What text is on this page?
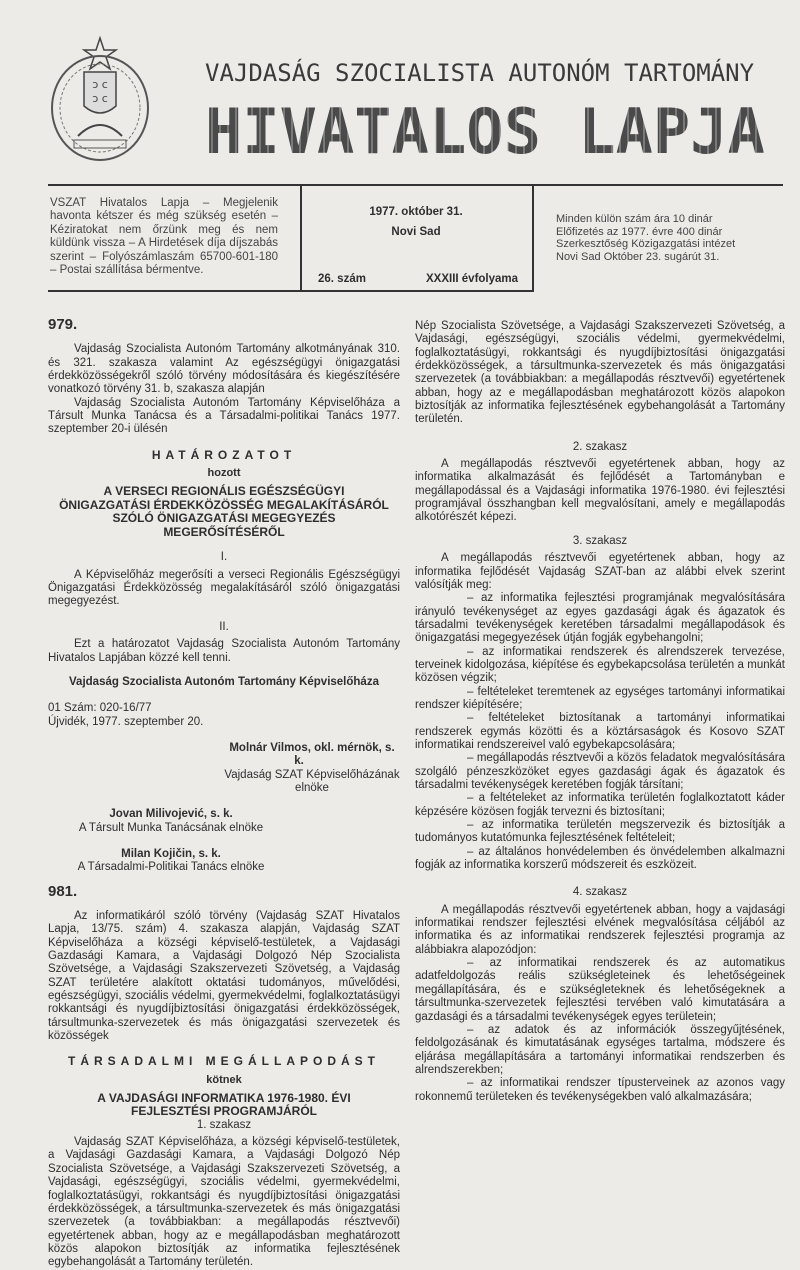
ɔ c
ɔ c
VAJDASÁG SZOCIALISTA AUTONÓM TARTOMÁNY
HIVATALOS LAPJA
VSZAT Hivatalos Lapja – Megjelenik havonta kétszer és még szükség esetén – Kéziratokat nem őrzünk meg és nem küldünk vissza – A Hirdetések díja díjszabás szerint – Folyószámlaszám 65700-601-180 – Postai szállítása bérmentve.
1977. október 31.
Novi Sad
26. szám	XXXIII évfolyama
Minden külön szám ára 10 dinár
Előfizetés az 1977. évre 400 dinár
Szerkesztőség Közigazgatási intézet
Novi Sad Október 23. sugárút 31.
979.

Vajdaság Szocialista Autonóm Tartomány alkotmányának 310. és 321. szakasza valamint Az egészségügyi önigazgatási érdekközösségekről szóló törvény módosítására és kiegészítésére vonatkozó törvény 31. b, szakasza alapján

Vajdaság Szocialista Autonóm Tartomány Képviselőháza a Társult Munka Tanácsa és a Társadalmi-politikai Tanács 1977. szeptember 20-i ülésén

HATÁROZATOT

hozott

A VERSECI REGIONÁLIS EGÉSZSÉGÜGYI ÖNIGAZGATÁSI ÉRDEKKÖZÖSSÉG MEGALAKÍTÁSÁRÓL SZÓLÓ ÖNIGAZGATÁSI MEGEGYEZÉS MEGERŐSÍTÉSÉRŐL

I.

A Képviselőház megerősíti a verseci Regionális Egészségügyi Önigazgatási Érdekközösség megalakításáról szóló önigazgatási megegyezést.

II.

Ezt a határozatot Vajdaság Szocialista Autonóm Tartomány Hivatalos Lapjában közzé kell tenni.

Vajdaság Szocialista Autonóm Tartomány Képviselőháza

01 Szám: 020-16/77

Újvidék, 1977. szeptember 20.

Molnár Vilmos, okl. mérnök, s. k.

Vajdaság SZAT Képviselőházának

elnöke

Jovan Milivojević, s. k.

A Társult Munka Tanácsának elnöke

Milan Kojičin, s. k.

A Társadalmi-Politikai Tanács elnöke

981.

Az informatikáról szóló törvény (Vajdaság SZAT Hivatalos Lapja, 13/75. szám) 4. szakasza alapján, Vajdaság SZAT Képviselőháza a községi képviselő-testületek, a Vajdasági Gazdasági Kamara, a Vajdasági Dolgozó Nép Szocialista Szövetsége, a Vajdasági Szakszervezeti Szövetség, a Vajdaság SZAT területére alakított oktatási tudományos, művelődési, egészségügyi, szociális védelmi, gyermekvédelmi, foglalkoztatásügyi rokkantsági és nyugdíjbiztosítási önigazgatási érdekközösségek, társultmunka-szervezetek és más önigazgatási szervezetek és közösségek

TÁRSADALMI MEGÁLLAPODÁST

kötnek

A VAJDASÁGI INFORMATIKA 1976-1980. ÉVI FEJLESZTÉSI PROGRAMJÁRÓL

1. szakasz

Vajdaság SZAT Képviselőháza, a községi képviselő-testületek, a Vajdasági Gazdasági Kamara, a Vajdasági Dolgozó Nép Szocialista Szövetsége, a Vajdasági Szakszervezeti Szövetség, a Vajdasági, egészségügyi, szociális védelmi, gyermekvédelmi, foglalkoztatásügyi, rokkantsági és nyugdíjbiztosítási önigazgatási érdekközösségek, a társultmunka-szervezetek és más önigazgatási szervezetek (a továbbiakban: a megállapodás résztvevői) egyetértenek abban, hogy az e megállapodásban meghatározott közös alapokon biztosítják az informatika fejlesztésének egybehangolását a Tartomány területén.

Nép Szocialista Szövetsége, a Vajdasági Szakszervezeti Szövetség, a Vajdasági, egészségügyi, szociális védelmi, gyermekvédelmi, foglalkoztatásügyi, rokkantsági és nyugdíjbiztosítási önigazgatási érdekközösségek, a társultmunka-szervezetek és más önigazgatási szervezetek (a továbbiakban: a megállapodás résztvevői) egyetértenek abban, hogy az e megállapodásban meghatározott közös alapokon biztosítják az informatika fejlesztésének egybehangolását a Tartomány területén.

2. szakasz

A megállapodás résztvevői egyetértenek abban, hogy az informatika alkalmazását és fejlődését a Tartományban e megállapodással és a Vajdasági informatika 1976-1980. évi fejlesztési programjával összhangban kell megvalósítani, amely e megállapodás alkotórészét képezi.

3. szakasz

A megállapodás résztvevői egyetértenek abban, hogy az informatika fejlődését Vajdaság SZAT-ban az alábbi elvek szerint valósítják meg:

– az informatika fejlesztési programjának megvalósítására irányuló tevékenységet az egyes gazdasági ágak és ágazatok és társadalmi tevékenységek keretében társadalmi megállapodások és önigazgatási megegyezések útján fogják egybehangolni;

– az informatikai rendszerek és alrendszerek tervezése, terveinek kidolgozása, kiépítése és egybekapcsolása területén a munkát közösen végzik;

– feltételeket teremtenek az egységes tartományi informatikai rendszer kiépítésére;

– feltételeket biztosítanak a tartományi informatikai rendszerek egymás közötti és a köztársaságok és Kosovo SZAT informatikai rendszereivel való egybekapcsolására;

– megállapodás résztvevői a közös feladatok megvalósítására szolgáló pénzeszközöket egyes gazdasági ágak és ágazatok és társadalmi tevékenységek keretében fogják társítani;

– a feltételeket az informatika területén foglalkoztatott káder képzésére közösen fogják tervezni és biztosítani;

– az informatika területén megszervezik és biztosítják a tudományos kutatómunka fejlesztésének feltételeit;

– az általános honvédelemben és önvédelemben alkalmazni fogják az informatika korszerű módszereit és eszközeit.

4. szakasz

A megállapodás résztvevői egyetértenek abban, hogy a vajdasági informatikai rendszer fejlesztési elvének megvalósítása céljából az informatika és az informatikai rendszerek fejlesztési programja az alábbiakra alapozódjon:

– az informatikai rendszerek és az automatikus adatfeldolgozás reális szükségleteinek és lehetőségeinek megállapítására, és e szükségleteknek és lehetőségeknek a társultmunka-szervezetek fejlesztési tervében való kimutatására a gazdasági és a társadalmi tevékenységek egyes területein;

– az adatok és az információk összegyűjtésének, feldolgozásának és kimutatásának egységes tartalma, módszere és eljárása megállapítására a tartományi informatikai rendszerben és alrendszerekben;

– az informatikai rendszer típusterveinek az azonos vagy rokonnemű területeken és tevékenységekben való alkalmazására;
